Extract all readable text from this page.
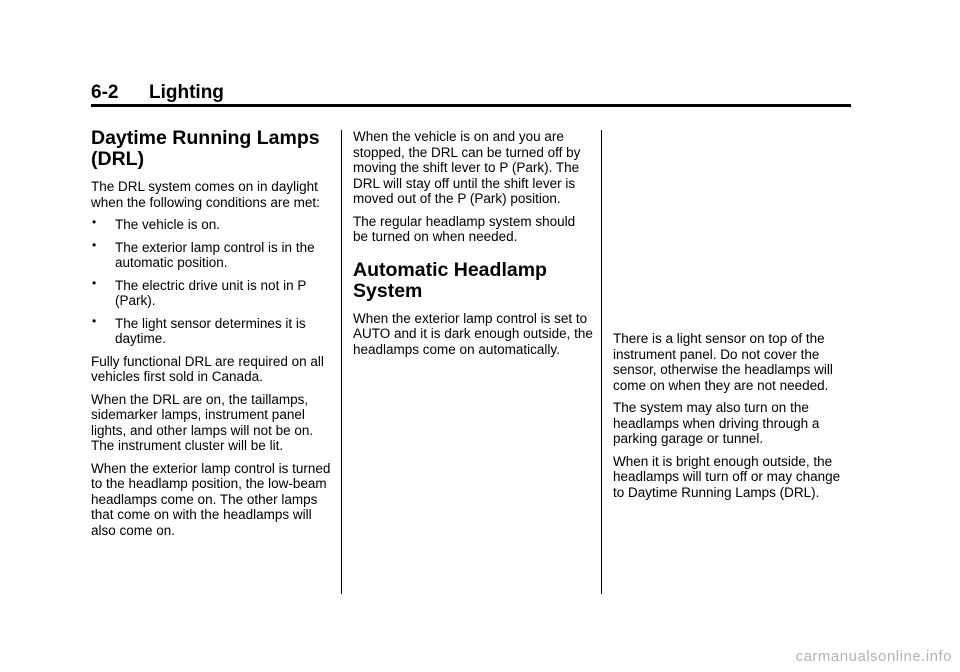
6-2 Lighting
Daytime Running Lamps (DRL)

The DRL system comes on in daylight when the following conditions are met:

• The vehicle is on.
• The exterior lamp control is in the automatic position.
• The electric drive unit is not in P (Park).
• The light sensor determines it is daytime.

Fully functional DRL are required on all vehicles first sold in Canada.

When the DRL are on, the taillamps, sidemarker lamps, instrument panel lights, and other lamps will not be on. The instrument cluster will be lit.

When the exterior lamp control is turned to the headlamp position, the low-beam headlamps come on. The other lamps that come on with the headlamps will also come on.

When the vehicle is on and you are stopped, the DRL can be turned off by moving the shift lever to P (Park). The DRL will stay off until the shift lever is moved out of the P (Park) position.

The regular headlamp system should be turned on when needed.

Automatic Headlamp System

When the exterior lamp control is set to AUTO and it is dark enough outside, the headlamps come on automatically.

There is a light sensor on top of the instrument panel. Do not cover the sensor, otherwise the headlamps will come on when they are not needed.

The system may also turn on the headlamps when driving through a parking garage or tunnel.

When it is bright enough outside, the headlamps will turn off or may change to Daytime Running Lamps (DRL).

carmanualsonline.info
